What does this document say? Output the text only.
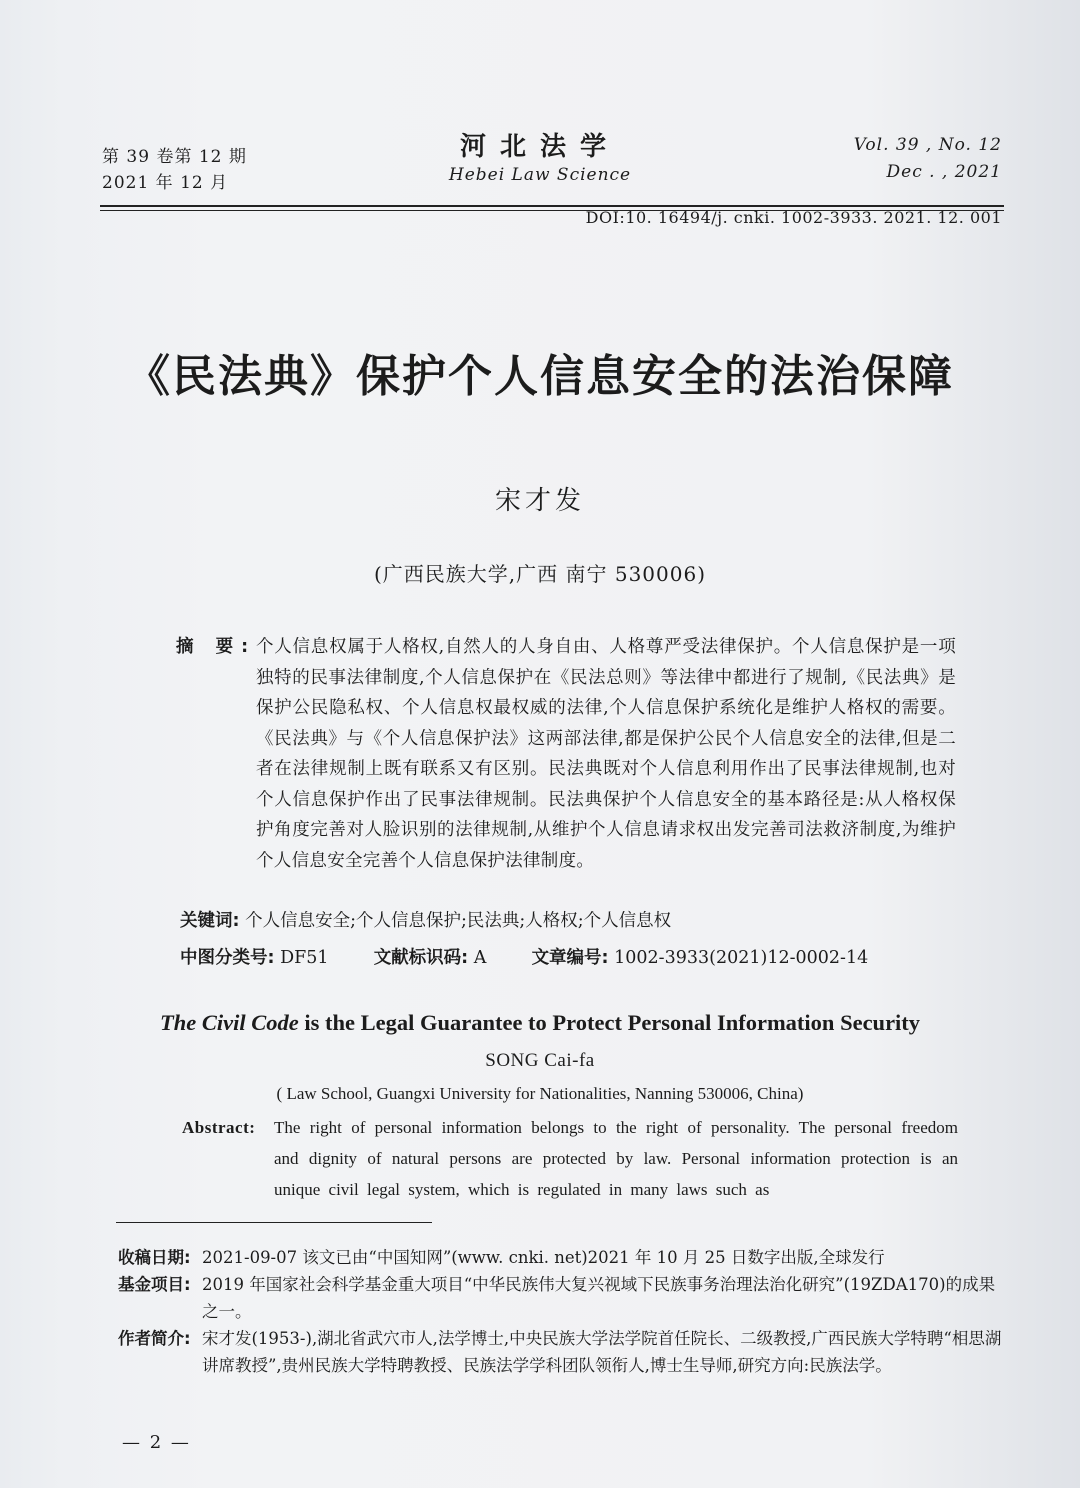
第 39 卷第 12 期
2021 年 12 月
河北法学
Hebei Law Science
Vol. 39 , No. 12
Dec . , 2021
DOI:10. 16494/j. cnki. 1002-3933. 2021. 12. 001
《民法典》保护个人信息安全的法治保障
宋才发
(广西民族大学,广西 南宁 530006)
摘 要: 个人信息权属于人格权,自然人的人身自由、人格尊严受法律保护。个人信息保护是一项独特的民事法律制度,个人信息保护在《民法总则》等法律中都进行了规制,《民法典》是保护公民隐私权、个人信息权最权威的法律,个人信息保护系统化是维护人格权的需要。《民法典》与《个人信息保护法》这两部法律,都是保护公民个人信息安全的法律,但是二者在法律规制上既有联系又有区别。民法典既对个人信息利用作出了民事法律规制,也对个人信息保护作出了民事法律规制。民法典保护个人信息安全的基本路径是:从人格权保护角度完善对人脸识别的法律规制,从维护个人信息请求权出发完善司法救济制度,为维护个人信息安全完善个人信息保护法律制度。
关键词: 个人信息安全;个人信息保护;民法典;人格权;个人信息权
中图分类号: DF51	文献标识码: A	文章编号: 1002-3933(2021)12-0002-14
The Civil Code is the Legal Guarantee to Protect Personal Information Security
SONG Cai-fa
( Law School, Guangxi University for Nationalities, Nanning 530006, China)
Abstract: The right of personal information belongs to the right of personality. The personal freedom and dignity of natural persons are protected by law. Personal information protection is an unique civil legal system, which is regulated in many laws such as
收稿日期: 2021-09-07 该文已由“中国知网”(www. cnki. net)2021 年 10 月 25 日数字出版,全球发行
基金项目: 2019 年国家社会科学基金重大项目“中华民族伟大复兴视域下民族事务治理法治化研究”(19ZDA170)的成果之一。
作者简介: 宋才发(1953-),湖北省武穴市人,法学博士,中央民族大学法学院首任院长、二级教授,广西民族大学特聘“相思湖讲席教授”,贵州民族大学特聘教授、民族法学学科团队领衔人,博士生导师,研究方向:民族法学。
— 2 —
